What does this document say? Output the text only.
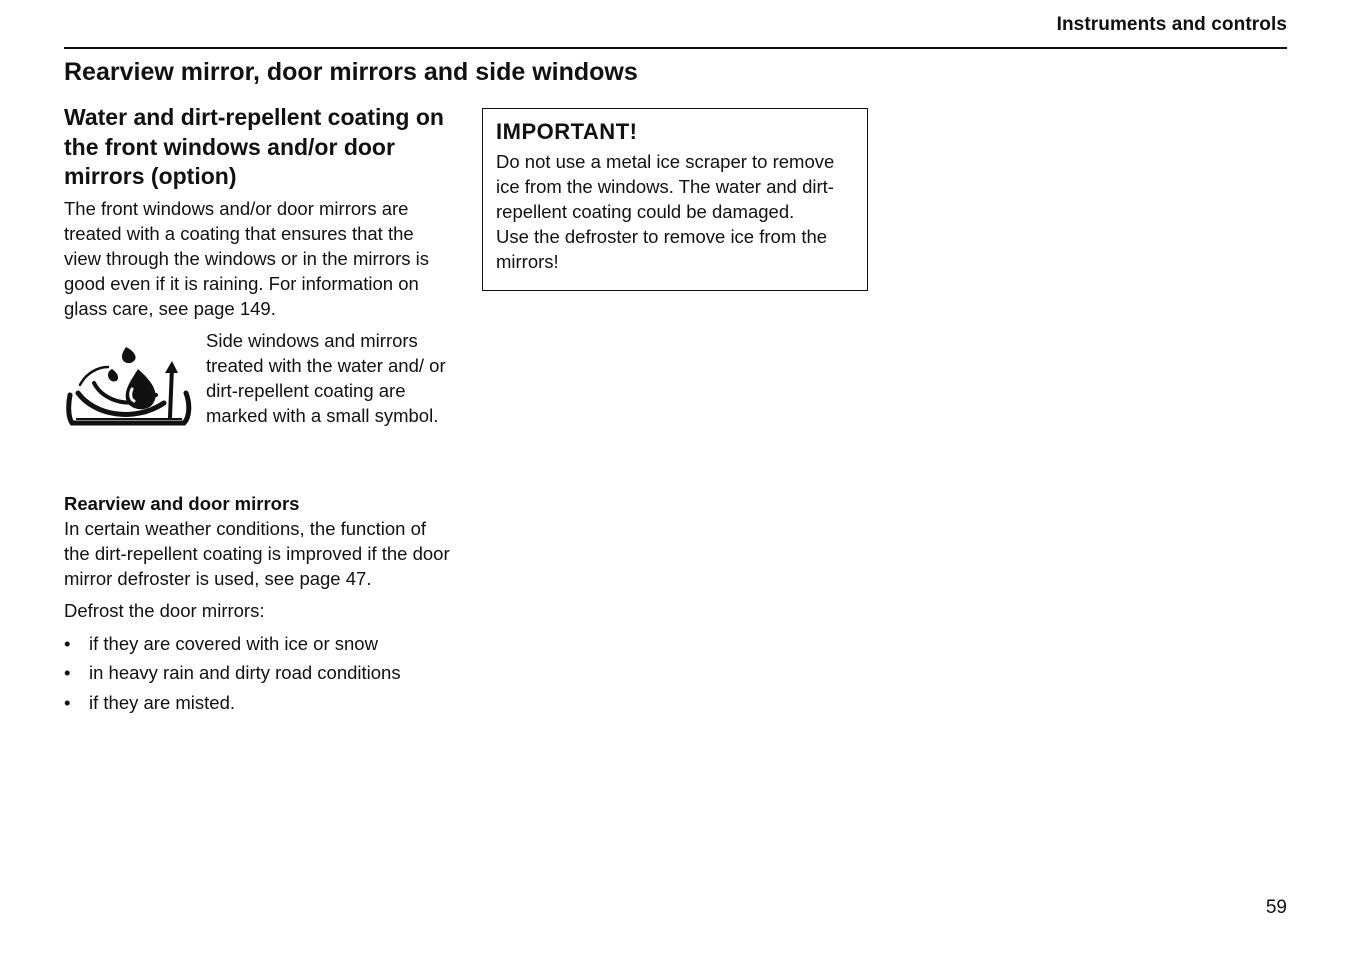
Instruments and controls
Rearview mirror, door mirrors and side windows
Water and dirt-repellent coating on the front windows and/or door mirrors (option)

The front windows and/or door mirrors are treated with a coating that ensures that the view through the windows or in the mirrors is good even if it is raining. For information on glass care, see page 149.

Side windows and mirrors treated with the water and/ or dirt-repellent coating are marked with a small symbol.

Rearview and door mirrors

In certain weather conditions, the function of the dirt-repellent coating is improved if the door mirror defroster is used, see page 47.

Defrost the door mirrors:

• if they are covered with ice or snow
• in heavy rain and dirty road conditions
• if they are misted.
IMPORTANT!

Do not use a metal ice scraper to remove ice from the windows. The water and dirt-repellent coating could be damaged.

Use the defroster to remove ice from the mirrors!

59
